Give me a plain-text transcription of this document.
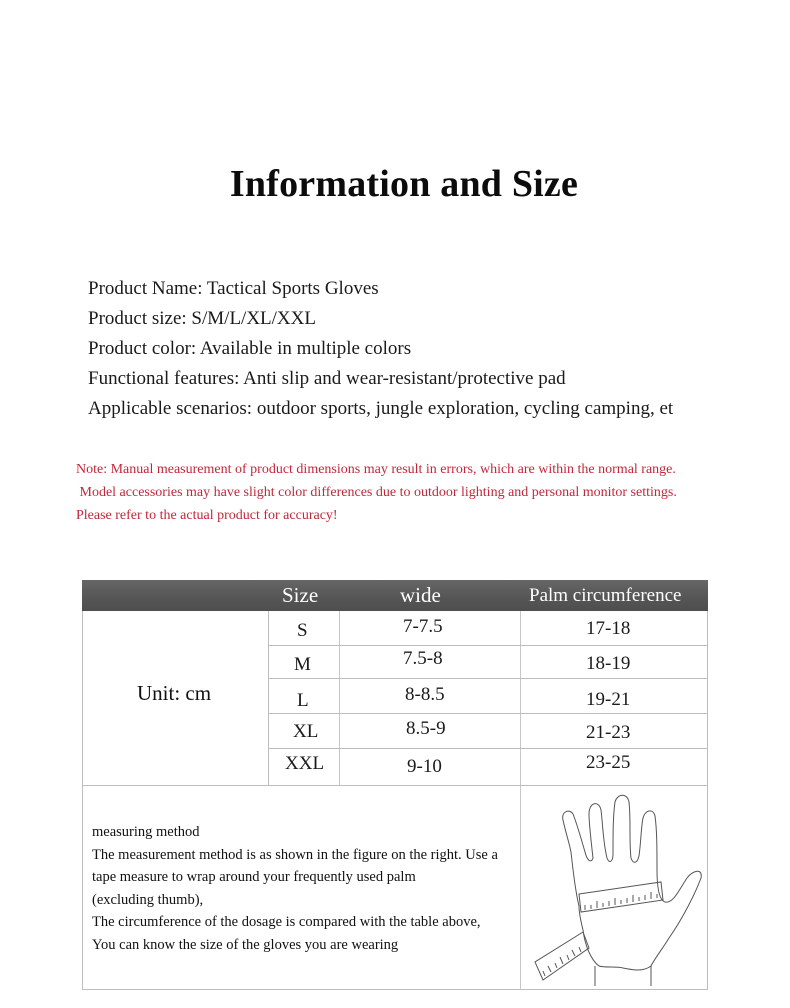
Information and Size
Product Name: Tactical Sports Gloves
Product size: S/M/L/XL/XXL
Product color: Available in multiple colors
Functional features: Anti slip and wear-resistant/protective pad
Applicable scenarios: outdoor sports, jungle exploration, cycling camping, et
Note: Manual measurement of product dimensions may result in errors, which are within the normal range.
Model accessories may have slight color differences due to outdoor lighting and personal monitor settings.
Please refer to the actual product for accuracy!
Size	wide	Palm circumference
Unit: cm
S	7-7.5	17-18
M	7.5-8	18-19
L	8-8.5	19-21
XL	8.5-9	21-23
XXL	9-10	23-25
measuring method
The measurement method is as shown in the figure on the right. Use a
tape measure to wrap around your frequently used palm
(excluding thumb),
The circumference of the dosage is compared with the table above,
You can know the size of the gloves you are wearing
